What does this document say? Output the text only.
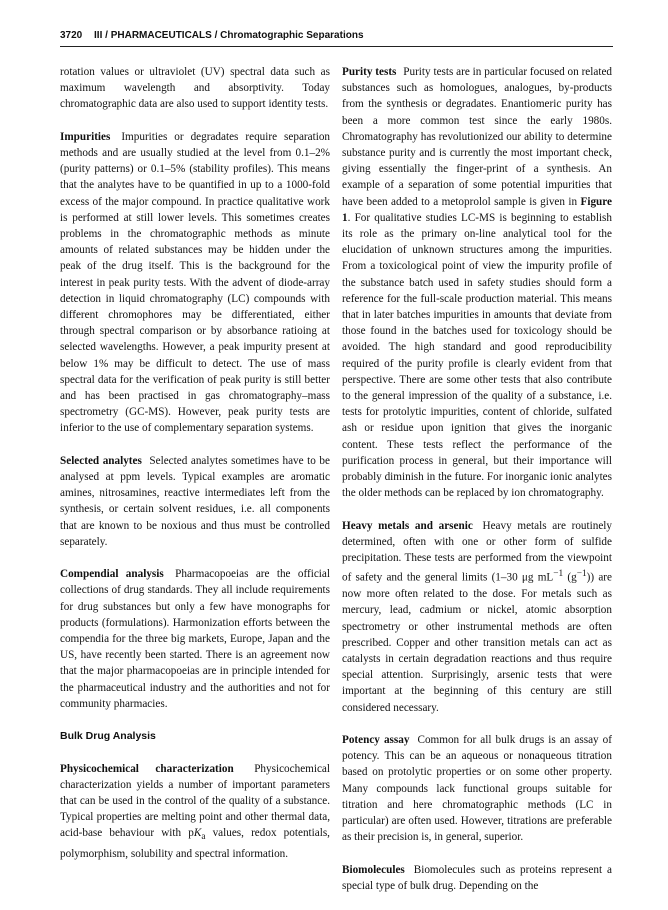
3720 III / PHARMACEUTICALS / Chromatographic Separations

rotation values or ultraviolet (UV) spectral data such as maximum wavelength and absorptivity. Today chromatographic data are also used to support identity tests.

Impurities Impurities or degradates require separation methods and are usually studied at the level from 0.1–2% (purity patterns) or 0.1–5% (stability profiles). This means that the analytes have to be quantified in up to a 1000-fold excess of the major compound. In practice qualitative work is performed at still lower levels. This sometimes creates problems in the chromatographic methods as minute amounts of related substances may be hidden under the peak of the drug itself. This is the background for the interest in peak purity tests. With the advent of diode-array detection in liquid chromatography (LC) compounds with different chromophores may be differentiated, either through spectral comparison or by absorbance ratioing at selected wavelengths. However, a peak impurity present at below 1% may be difficult to detect. The use of mass spectral data for the verification of peak purity is still better and has been practised in gas chromatography–mass spectrometry (GC-MS). However, peak purity tests are inferior to the use of complementary separation systems.

Selected analytes Selected analytes sometimes have to be analysed at ppm levels. Typical examples are aromatic amines, nitrosamines, reactive intermediates left from the synthesis, or certain solvent residues, i.e. all components that are known to be noxious and thus must be controlled separately.

Compendial analysis Pharmacopoeias are the official collections of drug standards. They all include requirements for drug substances but only a few have monographs for products (formulations). Harmonization efforts between the compendia for the three big markets, Europe, Japan and the US, have recently been started. There is an agreement now that the major pharmacopoeias are in principle intended for the pharmaceutical industry and the authorities and not for community pharmacies.

Bulk Drug Analysis

Physicochemical characterization Physicochemical characterization yields a number of important parameters that can be used in the control of the quality of a substance. Typical properties are melting point and other thermal data, acid-base behaviour with $pK_a$ values, redox potentials, polymorphism, solubility and spectral information.

Purity tests Purity tests are in particular focused on related substances such as homologues, analogues, by-products from the synthesis or degradates. Enantiomeric purity has been a more common test since the early 1980s. Chromatography has revolutionized our ability to determine substance purity and is currently the most important check, giving essentially the finger-print of a synthesis. An example of a separation of some potential impurities that have been added to a metoprolol sample is given in Figure 1. For qualitative studies LC-MS is beginning to establish its role as the primary on-line analytical tool for the elucidation of unknown structures among the impurities. From a toxicological point of view the impurity profile of the substance batch used in safety studies should form a reference for the full-scale production material. This means that in later batches impurities in amounts that deviate from those found in the batches used for toxicology should be avoided. The high standard and good reproducibility required of the purity profile is clearly evident from that perspective. There are some other tests that also contribute to the general impression of the quality of a substance, i.e. tests for protolytic impurities, content of chloride, sulfated ash or residue upon ignition that gives the inorganic content. These tests reflect the performance of the purification process in general, but their importance will probably diminish in the future. For inorganic ionic analytes the older methods can be replaced by ion chromatography.

Heavy metals and arsenic Heavy metals are routinely determined, often with one or other form of sulfide precipitation. These tests are performed from the viewpoint of safety and the general limits (1–30 μg $mL^{-1}$ $(g^{-1})$) are now more often related to the dose. For metals such as mercury, lead, cadmium or nickel, atomic absorption spectrometry or other instrumental methods are often prescribed. Copper and other transition metals can act as catalysts in certain degradation reactions and thus require special attention. Surprisingly, arsenic tests that were important at the beginning of this century are still considered necessary.

Potency assay Common for all bulk drugs is an assay of potency. This can be an aqueous or nonaqueous titration based on protolytic properties or on some other property. Many compounds lack functional groups suitable for titration and here chromatographic methods (LC in particular) are often used. However, titrations are preferable as their precision is, in general, superior.

Biomolecules Biomolecules such as proteins represent a special type of bulk drug. Depending on the
